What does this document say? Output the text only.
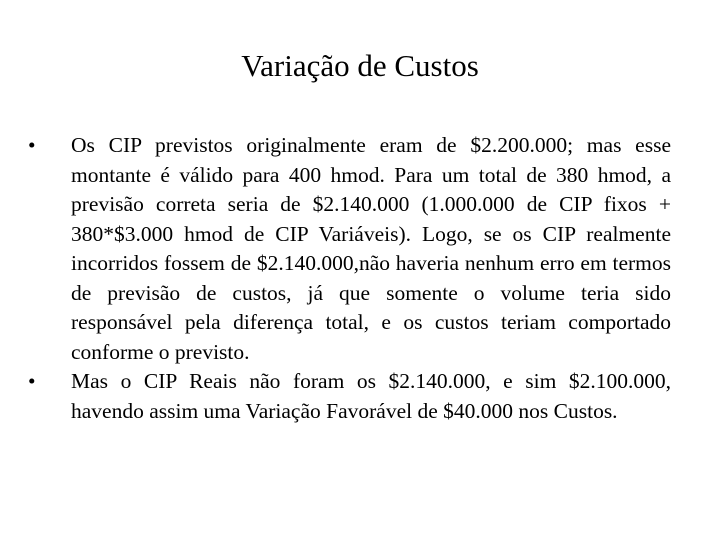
Variação de Custos
•	Os CIP previstos originalmente eram de $2.200.000; mas esse montante é válido para 400 hmod. Para um total de 380 hmod, a previsão correta seria de $2.140.000 (1.000.000 de CIP fixos + 380*$3.000 hmod de CIP Variáveis). Logo, se os CIP realmente incorridos fossem de $2.140.000,não haveria nenhum erro em termos de previsão de custos, já que somente o volume teria sido responsável pela diferença total, e os custos teriam comportado conforme o previsto.
•	Mas o CIP Reais não foram os $2.140.000, e sim $2.100.000, havendo assim uma Variação Favorável de $40.000 nos Custos.
